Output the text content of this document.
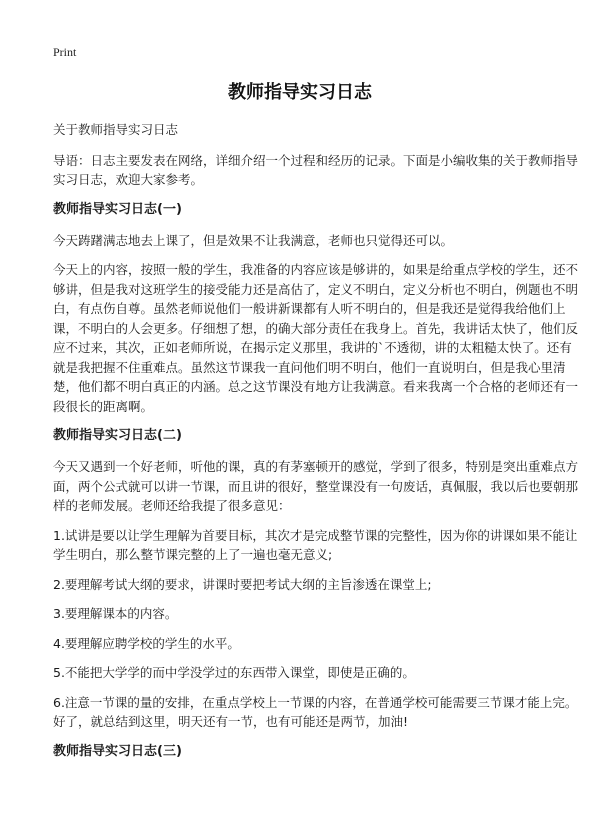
Print
教师指导实习日志

关于教师指导实习日志

导语：日志主要发表在网络，详细介绍一个过程和经历的记录。下面是小编收集的关于教师指导实习日志，欢迎大家参考。

教师指导实习日志(一)

今天踌躇满志地去上课了，但是效果不让我满意，老师也只觉得还可以。

今天上的内容，按照一般的学生，我准备的内容应该是够讲的，如果是给重点学校的学生，还不够讲，但是我对这班学生的接受能力还是高估了，定义不明白，定义分析也不明白，例题也不明白，有点伤自尊。虽然老师说他们一般讲新课都有人听不明白的，但是我还是觉得我给他们上课，不明白的人会更多。仔细想了想，的确大部分责任在我身上。首先，我讲话太快了，他们反应不过来，其次，正如老师所说，在揭示定义那里，我讲的`不透彻，讲的太粗糙太快了。还有就是我把握不住重难点。虽然这节课我一直问他们明不明白，他们一直说明白，但是我心里清楚，他们都不明白真正的内涵。总之这节课没有地方让我满意。看来我离一个合格的老师还有一段很长的距离啊。

教师指导实习日志(二)

今天又遇到一个好老师，听他的课，真的有茅塞顿开的感觉，学到了很多，特别是突出重难点方面，两个公式就可以讲一节课，而且讲的很好，整堂课没有一句废话，真佩服，我以后也要朝那样的老师发展。老师还给我提了很多意见：

1.试讲是要以让学生理解为首要目标，其次才是完成整节课的完整性，因为你的讲课如果不能让学生明白，那么整节课完整的上了一遍也毫无意义;

2.要理解考试大纲的要求，讲课时要把考试大纲的主旨渗透在课堂上;

3.要理解课本的内容。

4.要理解应聘学校的学生的水平。

5.不能把大学学的而中学没学过的东西带入课堂，即使是正确的。

6.注意一节课的量的安排，在重点学校上一节课的内容，在普通学校可能需要三节课才能上完。好了，就总结到这里，明天还有一节，也有可能还是两节，加油!

教师指导实习日志(三)
